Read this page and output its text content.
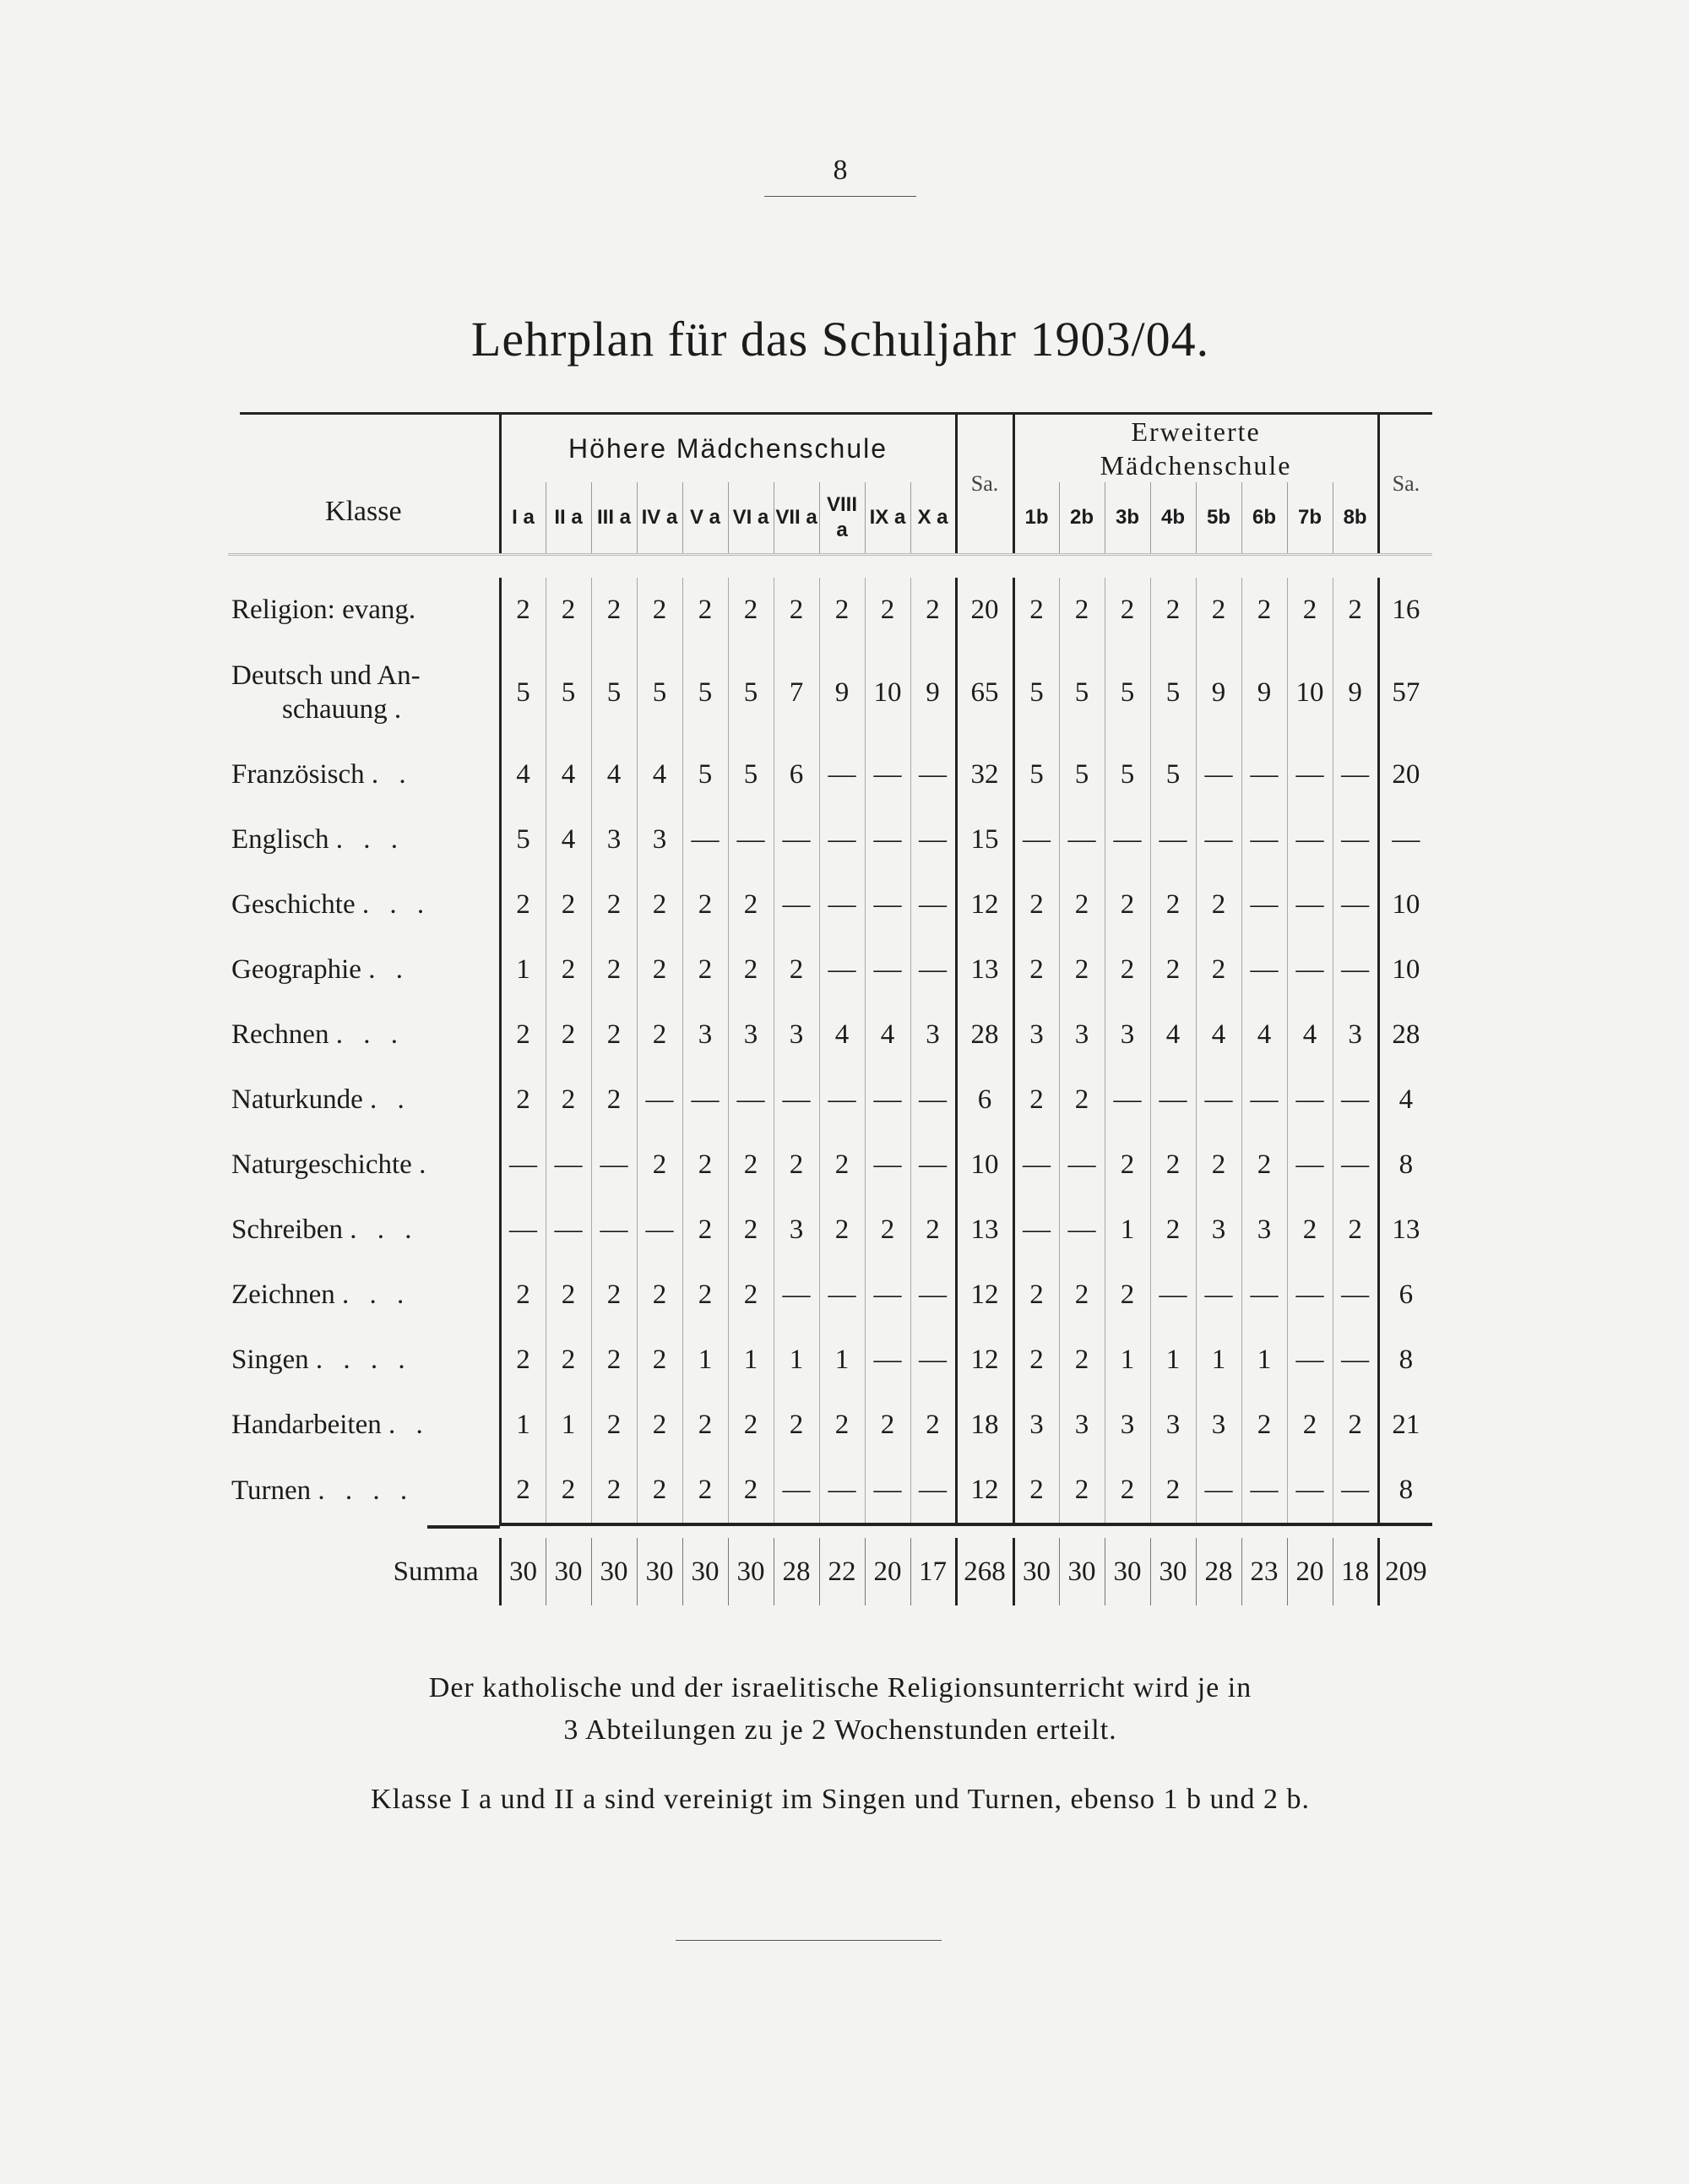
8
Lehrplan für das Schuljahr 1903/04.
Klasse	Höhere Mädchenschule										Sa.	Erweiterte
Mädchenschule								Sa.
	I a	II a	III a	IV a	V a	VI a	VII a	VIII a	IX a	X a		1b	2b	3b	4b	5b	6b	7b	8b	

Religion: evang.	2	2	2	2	2	2	2	2	2	2	20	2	2	2	2	2	2	2	2	16

Deutsch und An-
schauung .	5	5	5	5	5	5	7	9	10	9	65	5	5	5	5	9	9	10	9	57
Französisch . .	4	4	4	4	5	5	6	—	—	—	32	5	5	5	5	—	—	—	—	20
Englisch . . .	5	4	3	3	—	—	—	—	—	—	15	—	—	—	—	—	—	—	—	—
Geschichte . . .	2	2	2	2	2	2	—	—	—	—	12	2	2	2	2	2	—	—	—	10
Geographie . .	1	2	2	2	2	2	2	—	—	—	13	2	2	2	2	2	—	—	—	10
Rechnen . . .	2	2	2	2	3	3	3	4	4	3	28	3	3	3	4	4	4	4	3	28
Naturkunde . .	2	2	2	—	—	—	—	—	—	—	6	2	2	—	—	—	—	—	—	4
Naturgeschichte .	—	—	—	2	2	2	2	2	—	—	10	—	—	2	2	2	2	—	—	8
Schreiben . . .	—	—	—	—	2	2	3	2	2	2	13	—	—	1	2	3	3	2	2	13
Zeichnen . . .	2	2	2	2	2	2	—	—	—	—	12	2	2	2	—	—	—	—	—	6
Singen . . . .	2	2	2	2	1	1	1	1	—	—	12	2	2	1	1	1	1	—	—	8
Handarbeiten . .	1	1	2	2	2	2	2	2	2	2	18	3	3	3	3	3	2	2	2	21
Turnen . . . .	2	2	2	2	2	2	—	—	—	—	12	2	2	2	2	—	—	—	—	8

Summa	30	30	30	30	30	30	28	22	20	17	268	30	30	30	30	28	23	20	18	209
Der katholische und der israelitische Religionsunterricht wird je in
3 Abteilungen zu je 2 Wochenstunden erteilt.
Klasse I a und II a sind vereinigt im Singen und Turnen, ebenso 1 b und 2 b.
